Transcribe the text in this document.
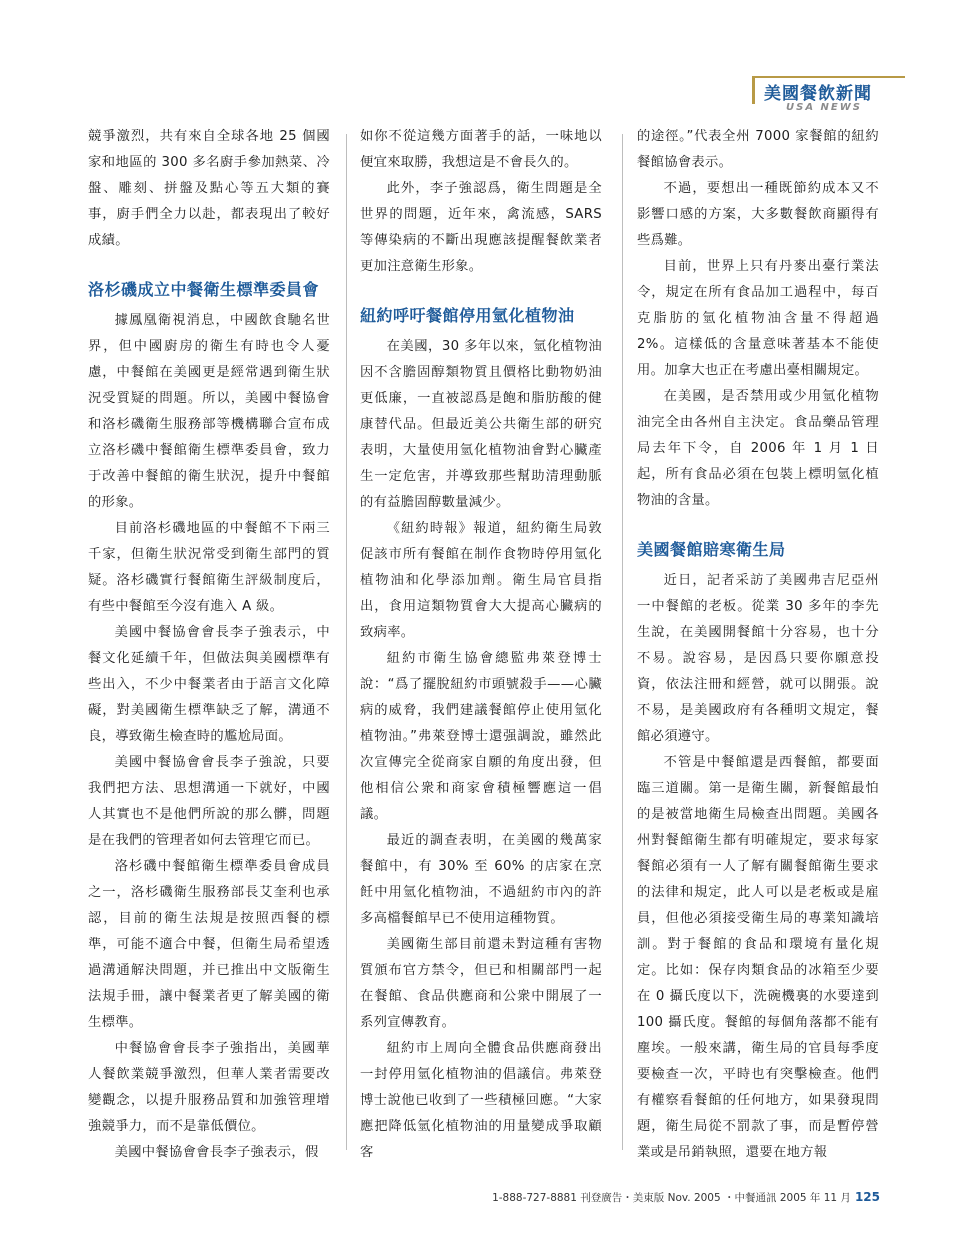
美國餐飲新聞
USA NEWS

競爭激烈，共有來自全球各地 25 個國家和地區的 300 多名廚手參加熱菜、冷盤、雕刻、拼盤及點心等五大類的賽事，廚手們全力以赴，都表現出了較好成績。

洛杉磯成立中餐衛生標準委員會

據鳳凰衛視消息，中國飲食馳名世界，但中國廚房的衛生有時也令人憂慮，中餐館在美國更是經常遇到衛生狀況受質疑的問題。所以，美國中餐協會和洛杉磯衛生服務部等機構聯合宣布成立洛杉磯中餐館衛生標準委員會，致力于改善中餐館的衛生狀況，提升中餐館的形象。

目前洛杉磯地區的中餐館不下兩三千家，但衛生狀況常受到衛生部門的質疑。洛杉磯實行餐館衛生評級制度后，有些中餐館至今沒有進入 A 級。

美國中餐協會會長李子強表示，中餐文化延續千年，但做法與美國標準有些出入，不少中餐業者由于語言文化障礙，對美國衛生標準缺乏了解，溝通不良，導致衛生檢查時的尷尬局面。

美國中餐協會會長李子強說，只要我們把方法、思想溝通一下就好，中國人其實也不是他們所說的那么髒，問題是在我們的管理者如何去管理它而已。

洛杉磯中餐館衛生標準委員會成員之一，洛杉磯衛生服務部長艾奎利也承認，目前的衛生法規是按照西餐的標準，可能不適合中餐，但衛生局希望透過溝通解決問題，并已推出中文版衛生法規手冊，讓中餐業者更了解美國的衛生標準。

中餐協會會長李子強指出，美國華人餐飲業競爭激烈，但華人業者需要改變觀念，以提升服務品質和加強管理增強競爭力，而不是靠低價位。

美國中餐協會會長李子強表示，假

如你不從這幾方面著手的話，一味地以便宜來取勝，我想這是不會長久的。

此外，李子強認爲，衛生問題是全世界的問題，近年來，禽流感，SARS 等傳染病的不斷出現應該提醒餐飲業者更加注意衛生形象。

紐約呼吁餐館停用氫化植物油

在美國，30 多年以來，氫化植物油因不含膽固醇類物質且價格比動物奶油更低廉，一直被認爲是飽和脂肪酸的健康替代品。但最近美公共衛生部的研究表明，大量使用氫化植物油會對心臟產生一定危害，并導致那些幫助清理動脈的有益膽固醇數量減少。

《紐約時報》報道，紐約衛生局敦促該市所有餐館在制作食物時停用氫化植物油和化學添加劑。衛生局官員指出，食用這類物質會大大提高心臟病的致病率。

紐約市衛生協會總監弗萊登博士說：“爲了擺脫紐約市頭號殺手——心臟病的威脅，我們建議餐館停止使用氫化植物油。”弗萊登博士還强調說，雖然此次宣傳完全從商家自願的角度出發，但他相信公衆和商家會積極響應這一倡議。

最近的調查表明，在美國的幾萬家餐館中，有 30% 至 60% 的店家在烹飪中用氫化植物油，不過紐約市內的許多高檔餐館早已不使用這種物質。

美國衛生部目前還未對這種有害物質頒布官方禁令，但已和相關部門一起在餐館、食品供應商和公衆中開展了一系列宣傳教育。

紐約市上周向全體食品供應商發出一封停用氫化植物油的倡議信。弗萊登博士說他已收到了一些積極回應。“大家應把降低氫化植物油的用量變成爭取顧客

的途徑。”代表全州 7000 家餐館的紐約餐館協會表示。

不過，要想出一種既節約成本又不影響口感的方案，大多數餐飲商顯得有些爲難。

目前，世界上只有丹麥出臺行業法令，規定在所有食品加工過程中，每百克脂肪的氫化植物油含量不得超過 2%。這樣低的含量意味著基本不能使用。加拿大也正在考慮出臺相關規定。

在美國，是否禁用或少用氫化植物油完全由各州自主決定。食品藥品管理局去年下令，自 2006 年 1 月 1 日起，所有食品必須在包裝上標明氫化植物油的含量。

美國餐館賠寒衛生局

近日，記者采訪了美國弗吉尼亞州一中餐館的老板。從業 30 多年的李先生說，在美國開餐館十分容易，也十分不易。說容易，是因爲只要你願意投資，依法注冊和經營，就可以開張。說不易，是美國政府有各種明文規定，餐館必須遵守。

不管是中餐館還是西餐館，都要面臨三道關。第一是衛生關，新餐館最怕的是被當地衛生局檢查出問題。美國各州對餐館衛生都有明確規定，要求每家餐館必須有一人了解有關餐館衛生要求的法律和規定，此人可以是老板或是雇員，但他必須接受衛生局的專業知識培訓。對于餐館的食品和環境有量化規定。比如：保存肉類食品的冰箱至少要在 0 攝氏度以下，洗碗機裏的水要達到 100 攝氏度。餐館的每個角落都不能有塵埃。一般來講，衛生局的官員每季度要檢查一次，平時也有突擊檢查。他們有權察看餐館的任何地方，如果發現問題，衛生局從不罰款了事，而是暫停營業或是吊銷執照，還要在地方報

1-888-727-8881 刊登廣告・美東版 Nov. 2005 ・中餐通訊 2005 年 11 月 125
